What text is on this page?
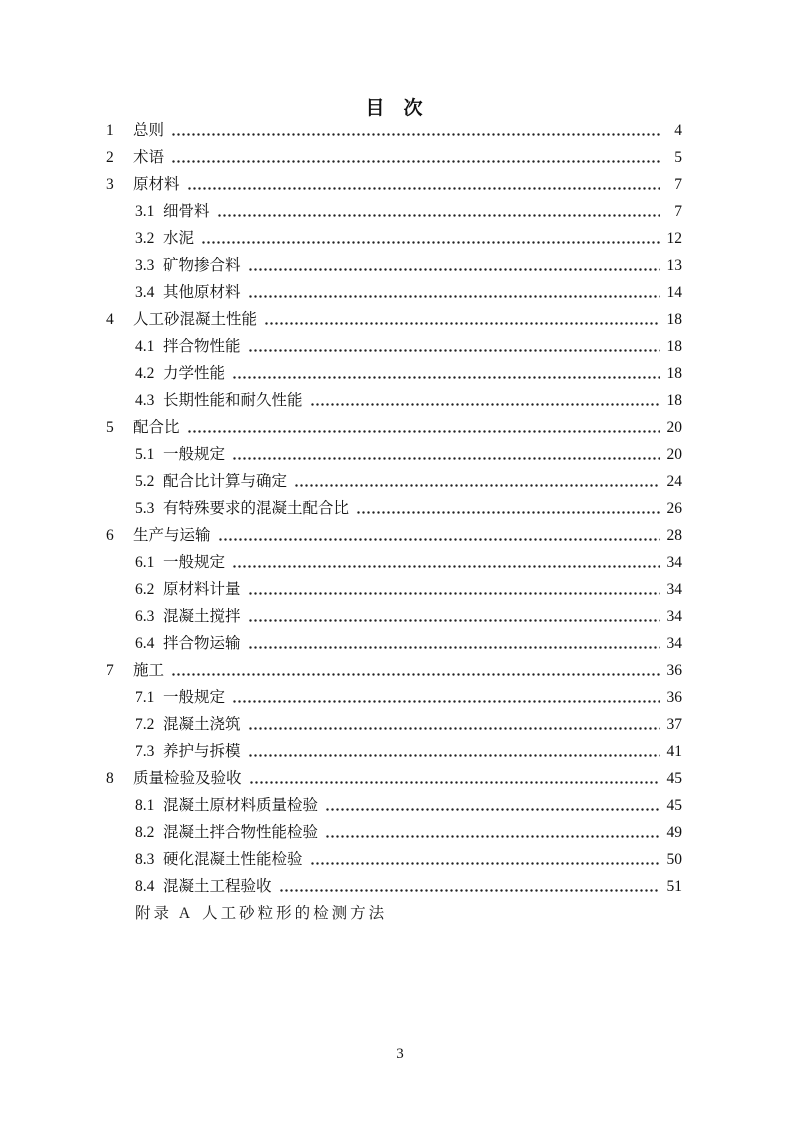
目　次
1	总则	4
2	术语	5
3	原材料	7
3.1 细骨料	7
3.2 水泥	12
3.3 矿物掺合料	13
3.4 其他原材料	14
4	人工砂混凝土性能	18
4.1 拌合物性能	18
4.2 力学性能	18
4.3 长期性能和耐久性能	18
5	配合比	20
5.1 一般规定	20
5.2 配合比计算与确定	24
5.3 有特殊要求的混凝土配合比	26
6	生产与运输	28
6.1 一般规定	34
6.2 原材料计量	34
6.3 混凝土搅拌	34
6.4 拌合物运输	34
7	施工	36
7.1 一般规定	36
7.2 混凝土浇筑	37
7.3 养护与拆模	41
8	质量检验及验收	45
8.1 混凝土原材料质量检验	45
8.2 混凝土拌合物性能检验	49
8.3 硬化混凝土性能检验	50
8.4 混凝土工程验收	51
附录 A 人工砂粒形的检测方法
3
